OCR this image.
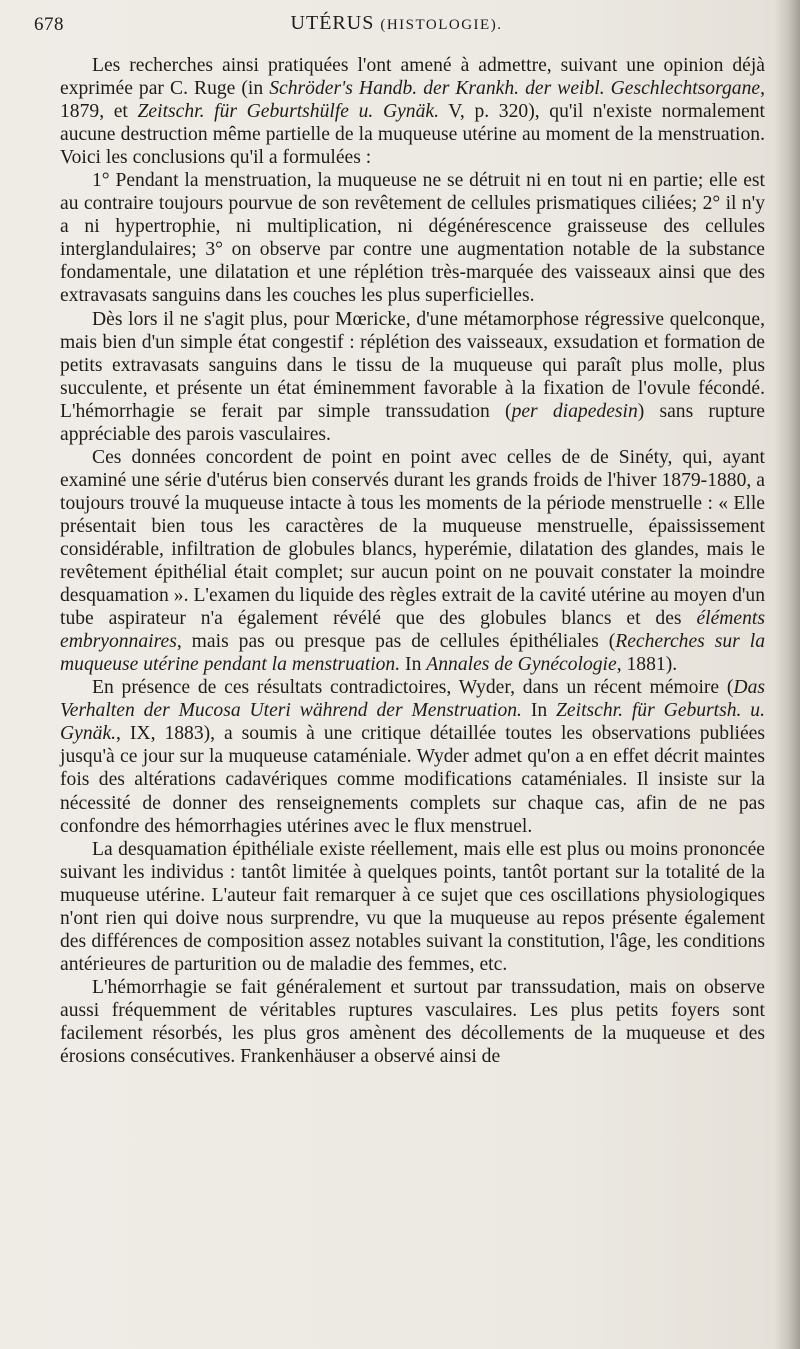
678	UTÉRUS (HISTOLOGIE).

Les recherches ainsi pratiquées l'ont amené à admettre, suivant une opinion déjà exprimée par C. Ruge (in Schröder's Handb. der Krankh. der weibl. Geschlechtsorgane, 1879, et Zeitschr. für Geburtshülfe u. Gynäk. V, p. 320), qu'il n'existe normalement aucune destruction même partielle de la muqueuse utérine au moment de la menstruation. Voici les conclusions qu'il a formulées :

1° Pendant la menstruation, la muqueuse ne se détruit ni en tout ni en partie; elle est au contraire toujours pourvue de son revêtement de cellules prismatiques ciliées; 2° il n'y a ni hypertrophie, ni multiplication, ni dégénérescence graisseuse des cellules interglandulaires; 3° on observe par contre une augmentation notable de la substance fondamentale, une dilatation et une réplétion très-marquée des vaisseaux ainsi que des extravasats sanguins dans les couches les plus superficielles.

Dès lors il ne s'agit plus, pour Mœricke, d'une métamorphose régressive quelconque, mais bien d'un simple état congestif : réplétion des vaisseaux, exsudation et formation de petits extravasats sanguins dans le tissu de la muqueuse qui paraît plus molle, plus succulente, et présente un état éminemment favorable à la fixation de l'ovule fécondé. L'hémorrhagie se ferait par simple transsudation (per diapedesin) sans rupture appréciable des parois vasculaires.

Ces données concordent de point en point avec celles de de Sinéty, qui, ayant examiné une série d'utérus bien conservés durant les grands froids de l'hiver 1879-1880, a toujours trouvé la muqueuse intacte à tous les moments de la période menstruelle : « Elle présentait bien tous les caractères de la muqueuse menstruelle, épaississement considérable, infiltration de globules blancs, hyperémie, dilatation des glandes, mais le revêtement épithélial était complet; sur aucun point on ne pouvait constater la moindre desquamation ». L'examen du liquide des règles extrait de la cavité utérine au moyen d'un tube aspirateur n'a également révélé que des globules blancs et des éléments embryonnaires, mais pas ou presque pas de cellules épithéliales (Recherches sur la muqueuse utérine pendant la menstruation. In Annales de Gynécologie, 1881).

En présence de ces résultats contradictoires, Wyder, dans un récent mémoire (Das Verhalten der Mucosa Uteri während der Menstruation. In Zeitschr. für Geburtsh. u. Gynäk., IX, 1883), a soumis à une critique détaillée toutes les observations publiées jusqu'à ce jour sur la muqueuse cataméniale. Wyder admet qu'on a en effet décrit maintes fois des altérations cadavériques comme modifications cataméniales. Il insiste sur la nécessité de donner des renseignements complets sur chaque cas, afin de ne pas confondre des hémorrhagies utérines avec le flux menstruel.

La desquamation épithéliale existe réellement, mais elle est plus ou moins prononcée suivant les individus : tantôt limitée à quelques points, tantôt portant sur la totalité de la muqueuse utérine. L'auteur fait remarquer à ce sujet que ces oscillations physiologiques n'ont rien qui doive nous surprendre, vu que la muqueuse au repos présente également des différences de composition assez notables suivant la constitution, l'âge, les conditions antérieures de parturition ou de maladie des femmes, etc.

L'hémorrhagie se fait généralement et surtout par transsudation, mais on observe aussi fréquemment de véritables ruptures vasculaires. Les plus petits foyers sont facilement résorbés, les plus gros amènent des décollements de la muqueuse et des érosions consécutives. Frankenhäuser a observé ainsi de
